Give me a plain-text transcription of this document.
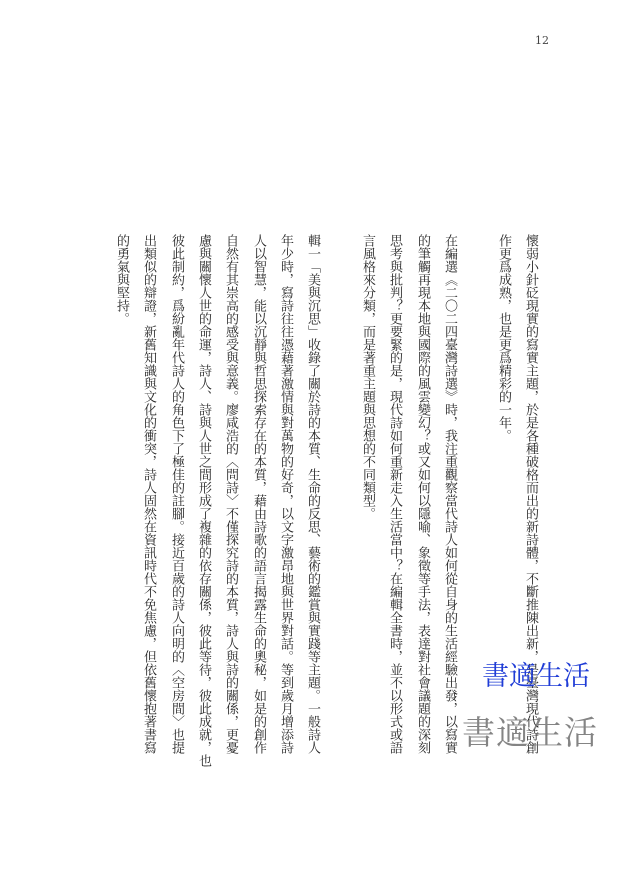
12
懷弱小針砭現實的寫實主題，於是各種破格而出的新詩體，不斷推陳出新，是臺灣現代詩創
作更爲成熟，也是更爲精彩的一年。
在編選《二〇二四臺灣詩選》時，我注重觀察當代詩人如何從自身的生活經驗出發，以寫實
的筆觸再現本地與國際的風雲變幻？或又如何以隱喻、象徵等手法，表達對社會議題的深刻
思考與批判？更要緊的是，現代詩如何重新走入生活當中？在編輯全書時，並不以形式或語
言風格來分類，而是著重主題與思想的不同類型。
輯一「美與沉思」收錄了關於詩的本質、生命的反思、藝術的鑑賞與實踐等主題。一般詩人
年少時，寫詩往往憑藉著激情與對萬物的好奇，以文字激昂地與世界對話。等到歲月增添詩
人以智慧，能以沉靜與哲思探索存在的本質，藉由詩歌的語言揭露生命的奧秘，如是的創作
自然有其崇高的感受與意義。廖咸浩的〈問詩〉不僅探究詩的本質，詩人與詩的關係，更憂
慮與關懷人世的命運，詩人、詩與人世之間形成了複雜的依存關係，彼此等待，彼此成就，也
彼此制約，爲紛亂年代詩人的角色下了極佳的註腳。接近百歲的詩人向明的〈空房間〉也提
出類似的辯證，新舊知識與文化的衝突，詩人固然在資訊時代不免焦慮，但依舊懷抱著書寫
的勇氣與堅持。
書適生活
書適生活
